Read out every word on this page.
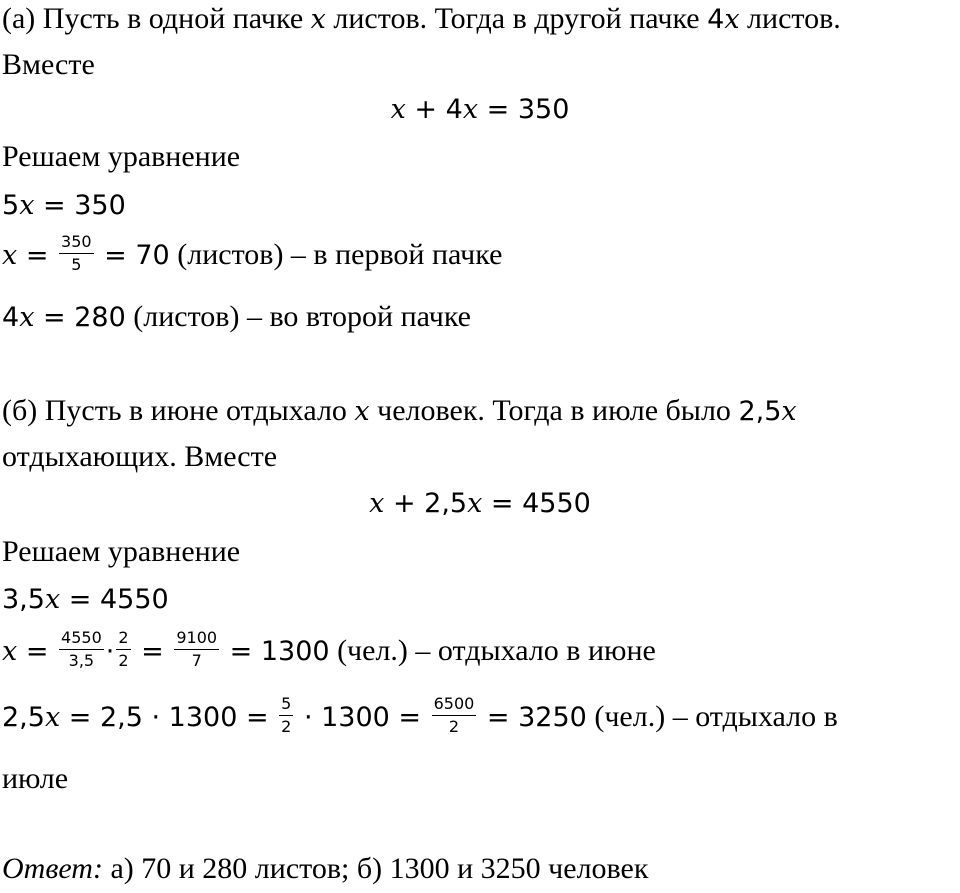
(а) Пусть в одной пачке x листов. Тогда в другой пачке 4x листов.
Вместе
x + 4x = 350
Решаем уравнение
5x = 350
$x = \frac{350}{5} = 70$ (листов) – в первой пачке
4x = 280 (листов) – во второй пачке
(б) Пусть в июне отдыхало x человек. Тогда в июле было 2,5x
отдыхающих. Вместе
x + 2,5x = 4550
Решаем уравнение
3,5x = 4550
$x = \frac{4550}{3,5} \cdot \frac{2}{2} = \frac{9100}{7} = 1300$ (чел.) – отдыхало в июне
$2,5x = 2,5 \cdot 1300 = \frac{5}{2} \cdot 1300 = \frac{6500}{2} = 3250$ (чел.) – отдыхало в
июле
Ответ: а) 70 и 280 листов; б) 1300 и 3250 человек
